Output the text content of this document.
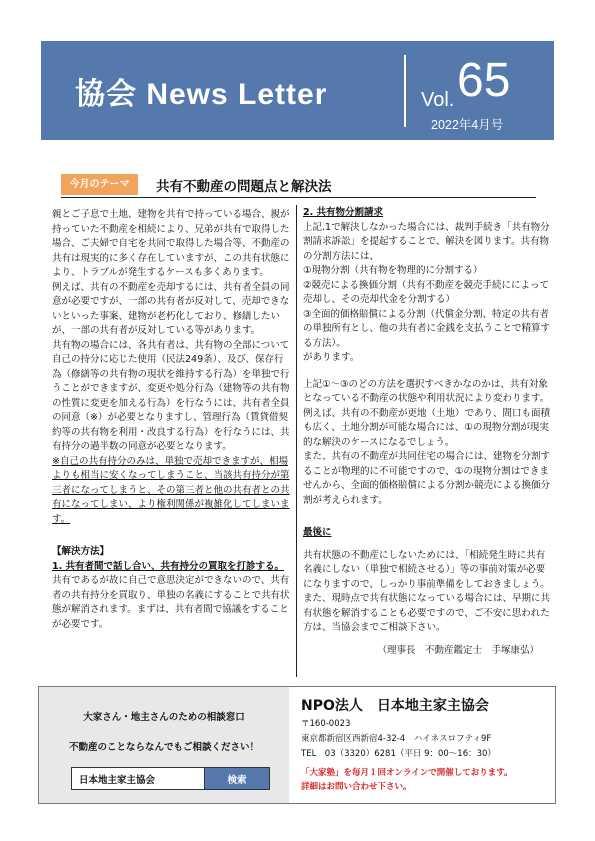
協会 News Letter	Vol. 65
2022年4月号
今月のテーマ	共有不動産の問題点と解決法

親とご子息で土地、建物を共有で持っている場合、親が持っていた不動産を相続により、兄弟が共有で取得した場合、ご夫婦で自宅を共同で取得した場合等、不動産の共有は現実的に多く存在していますが、この共有状態により、トラブルが発生するケースも多くあります。

例えば、共有の不動産を売却するには、共有者全員の同意が必要ですが、一部の共有者が反対して、売却できないといった事案、建物が老朽化しており、修繕したいが、一部の共有者が反対している等があります。

共有物の場合には、各共有者は、共有物の全部について自己の持分に応じた使用（民法249条）、及び、保存行為（修繕等の共有物の現状を維持する行為）を単独で行うことができますが、変更や処分行為（建物等の共有物の性質に変更を加える行為）を行なうには、共有者全員の同意（※）が必要となりますし、管理行為（賃貸借契約等の共有物を利用・改良する行為）を行なうには、共有持分の過半数の同意が必要となります。

※自己の共有持分のみは、単独で売却できますが、相場よりも相当に安くなってしまうこと、当該共有持分が第三者になってしまうと、その第三者と他の共有者との共有になってしまい、より権利関係が複雑化してしまいます。

【解決方法】

1. 共有者間で話し合い、共有持分の買取を打診する。

共有であるが故に自己で意思決定ができないので、共有者の共有持分を買取り、単独の名義にすることで共有状態が解消されます。まずは、共有者間で協議をすることが必要です。

2. 共有物分割請求

上記.1で解決しなかった場合には、裁判手続き「共有物分割請求訴訟」を提起することで、解決を図ります。共有物の分割方法には、

①現物分割（共有物を物理的に分割する）

②競売による換価分割（共有不動産を競売手続にによって売却し、その売却代金を分割する）

③全面的価格賠償による分割（代償金分割、特定の共有者の単独所有とし、他の共有者に金銭を支払うことで精算する方法）。

があります。

上記①～③のどの方法を選択すべきかなのかは、共有対象となっている不動産の状態や利用状況により変わります。例えば、共有の不動産が更地（土地）であり、間口も面積も広く、土地分割が可能な場合には、①の現物分割が現実的な解決のケースになるでしょう。

また、共有の不動産が共同住宅の場合には、建物を分割することが物理的に不可能ですので、①の現物分割はできませんから、全面的価格賠償による分割か競売による換価分割が考えられます。

最後に

共有状態の不動産にしないためには、「相続発生時に共有名義にしない（単独で相続させる）」等の事前対策が必要になりますので、しっかり事前準備をしておきましょう。

また、現時点で共有状態になっている場合には、早期に共有状態を解消することも必要ですので、ご不安に思われた方は、当協会までご相談下さい。

（理事長　不動産鑑定士　手塚康弘）

大家さん・地主さんのための相談窓口
不動産のことならなんでもご相談ください！
日本地主家主協会
検索
NPO法人　日本地主家主協会
〒160-0023
東京都新宿区西新宿4-32-4　ハイネスロフティ9F
TEL　03（3320）6281（平日 9：00～16：30）
「大家塾」を毎月１回オンラインで開催しております。
詳細はお問い合わせ下さい。
